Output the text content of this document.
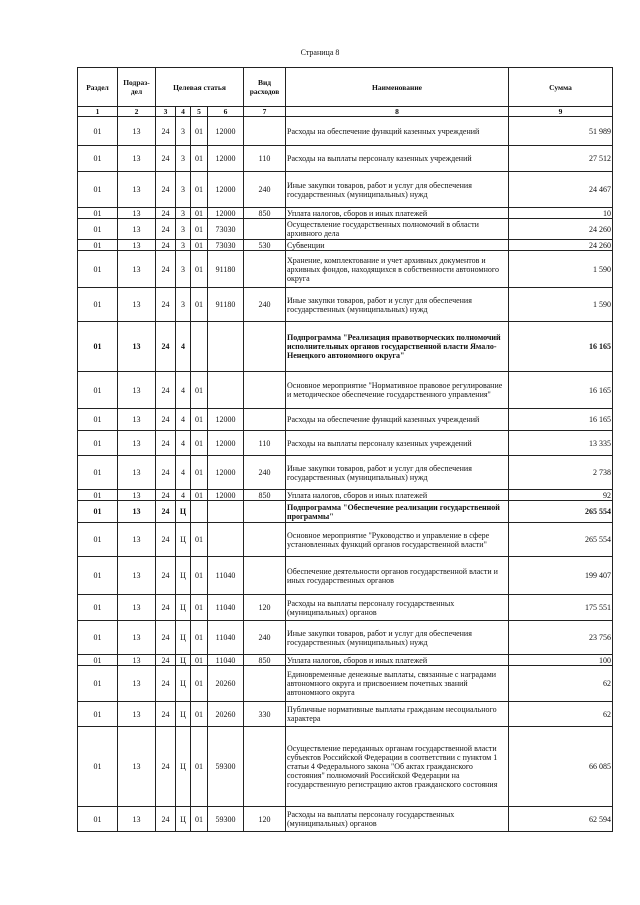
Страница 8
Раздел	Подраз-дел	Целевая статья				Вид расходов	Наименование	Сумма
1	2	3	4	5	6	7	8	9
01	13	24	3	01	12000		Расходы на обеспечение функций казенных учреждений	51 989
01	13	24	3	01	12000	110	Расходы на выплаты персоналу казенных учреждений	27 512
01	13	24	3	01	12000	240	Иные закупки товаров, работ и услуг для обеспечения государственных (муниципальных) нужд	24 467
01	13	24	3	01	12000	850	Уплата налогов, сборов и иных платежей	10
01	13	24	3	01	73030		Осуществление государственных полномочий в области архивного дела	24 260
01	13	24	3	01	73030	530	Субвенции	24 260
01	13	24	3	01	91180		Хранение, комплектование и учет архивных документов и архивных фондов, находящихся в собственности автономного округа	1 590
01	13	24	3	01	91180	240	Иные закупки товаров, работ и услуг для обеспечения государственных (муниципальных) нужд	1 590
01	13	24	4				Подпрограмма "Реализация правотворческих полномочий исполнительных органов государственной власти Ямало-Ненецкого автономного округа"	16 165
01	13	24	4	01			Основное мероприятие "Нормативное правовое регулирование и методическое обеспечение государственного управления"	16 165
01	13	24	4	01	12000		Расходы на обеспечение функций казенных учреждений	16 165
01	13	24	4	01	12000	110	Расходы на выплаты персоналу казенных учреждений	13 335
01	13	24	4	01	12000	240	Иные закупки товаров, работ и услуг для обеспечения государственных (муниципальных) нужд	2 738
01	13	24	4	01	12000	850	Уплата налогов, сборов и иных платежей	92
01	13	24	Ц				Подпрограмма "Обеспечение реализации государственной программы"	265 554
01	13	24	Ц	01			Основное мероприятие "Руководство и управление в сфере установленных функций органов государственной власти"	265 554
01	13	24	Ц	01	11040		Обеспечение деятельности органов государственной власти и иных государственных органов	199 407
01	13	24	Ц	01	11040	120	Расходы на выплаты персоналу государственных (муниципальных) органов	175 551
01	13	24	Ц	01	11040	240	Иные закупки товаров, работ и услуг для обеспечения государственных (муниципальных) нужд	23 756
01	13	24	Ц	01	11040	850	Уплата налогов, сборов и иных платежей	100
01	13	24	Ц	01	20260		Единовременные денежные выплаты, связанные с наградами автономного округа и присвоением почетных званий автономного округа	62
01	13	24	Ц	01	20260	330	Публичные нормативные выплаты гражданам несоциального характера	62
01	13	24	Ц	01	59300		Осуществление переданных органам государственной власти субъектов Российской Федерации в соответствии с пунктом 1 статьи 4 Федерального закона "Об актах гражданского состояния" полномочий Российской Федерации на государственную регистрацию актов гражданского состояния	66 085
01	13	24	Ц	01	59300	120	Расходы на выплаты персоналу государственных (муниципальных) органов	62 594
